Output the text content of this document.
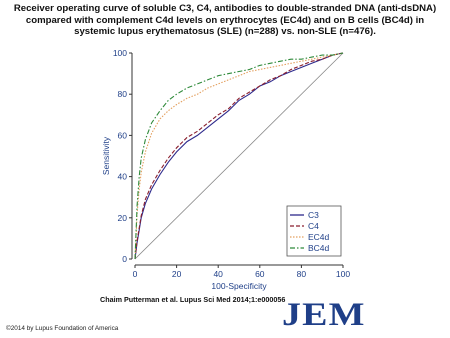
Receiver operating curve of soluble C3, C4, antibodies to double-stranded DNA (anti-dsDNA)
compared with complement C4d levels on erythrocytes (EC4d) and on B cells (BC4d) in
systemic lupus erythematosus (SLE) (n=288) vs. non-SLE (n=476).
0
20
40
60
80
100
0	20	40	60	80	100
100-Specificity
Sensitivity
C3
C4
EC4d
BC4d
Chaim Putterman et al. Lupus Sci Med 2014;1:e000056
JEM
©2014 by Lupus Foundation of America
